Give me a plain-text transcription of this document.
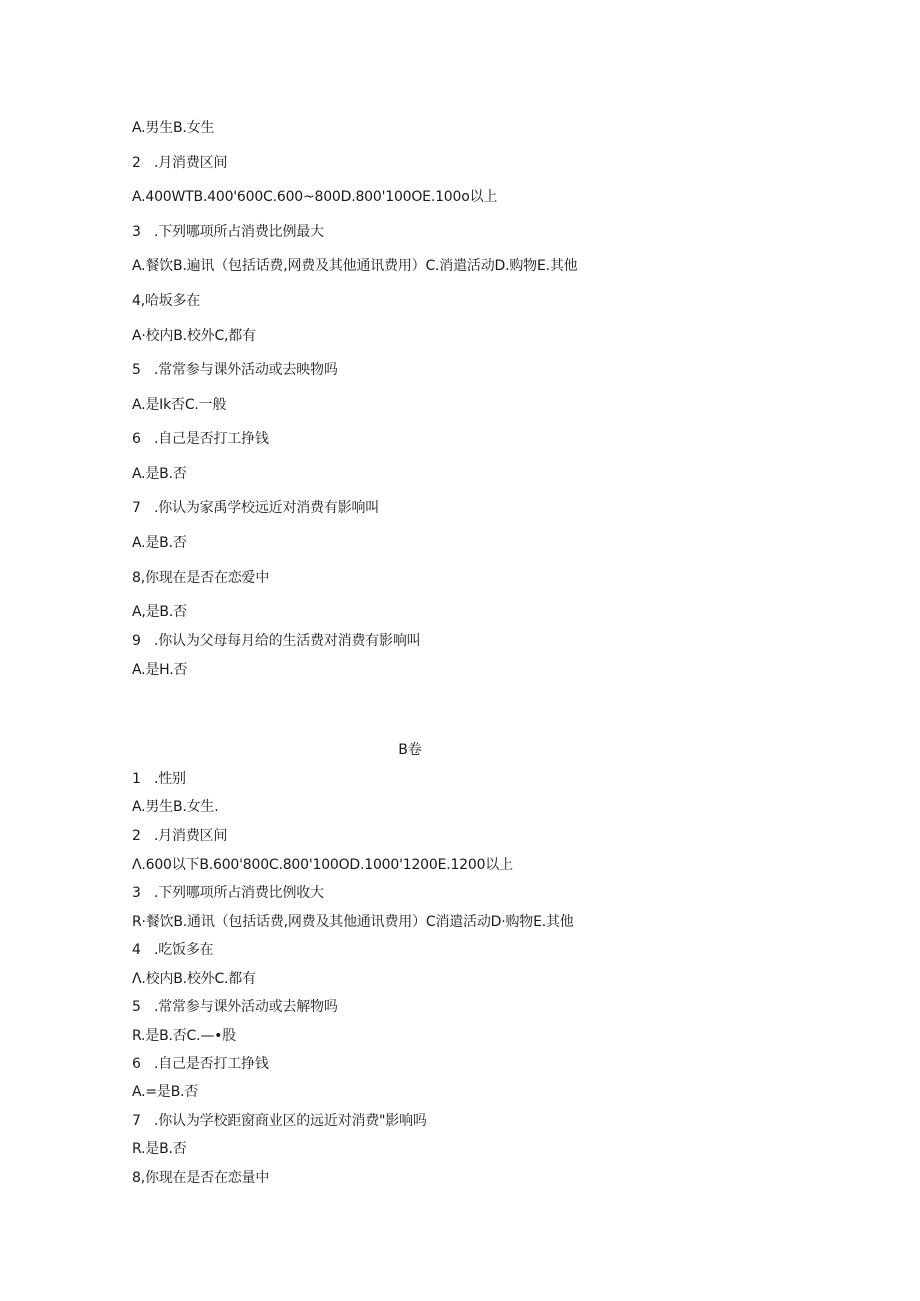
A.男生B.女生
2 .月消费区间
A.400WTB.400'600C.600~800D.800'100OE.100o以上
3 .下列哪项所占消费比例最大
A.餐饮B.遍讯（包括话费,网费及其他通讯费用）C.消遣活动D.购物E.其他
4,哈坂多在
A·校内B.校外C,都有
5 .常常参与课外活动或去映物吗
A.是Ik否C.一般
6 .自己是否打工挣钱
A.是B.否
7 .你认为家禹学校远近对消费有影响叫
A.是B.否
8,你现在是否在恋爱中
A,是B.否
9 .你认为父母每月给的生活费对消费有影响叫
A.是H.否
B卷
1 .性别
A.男生B.女生.
2 .月消费区间
Λ.600以下B.600'800C.800'100OD.1000'1200E.1200以上
3 .下列哪项所占消费比例收大
R·餐饮B.通讯（包括话费,网费及其他通讯费用）C消遣活动D·购物E.其他
4 .吃饭多在
Λ.校内B.校外C.都有
5 .常常参与课外活动或去解物吗
R.是B.否C.—•股
6 .自己是否打工挣钱
A.=是B.否
7 .你认为学校距窗商业区的远近对消费"影响吗
R.是B.否
8,你现在是否在恋量中
